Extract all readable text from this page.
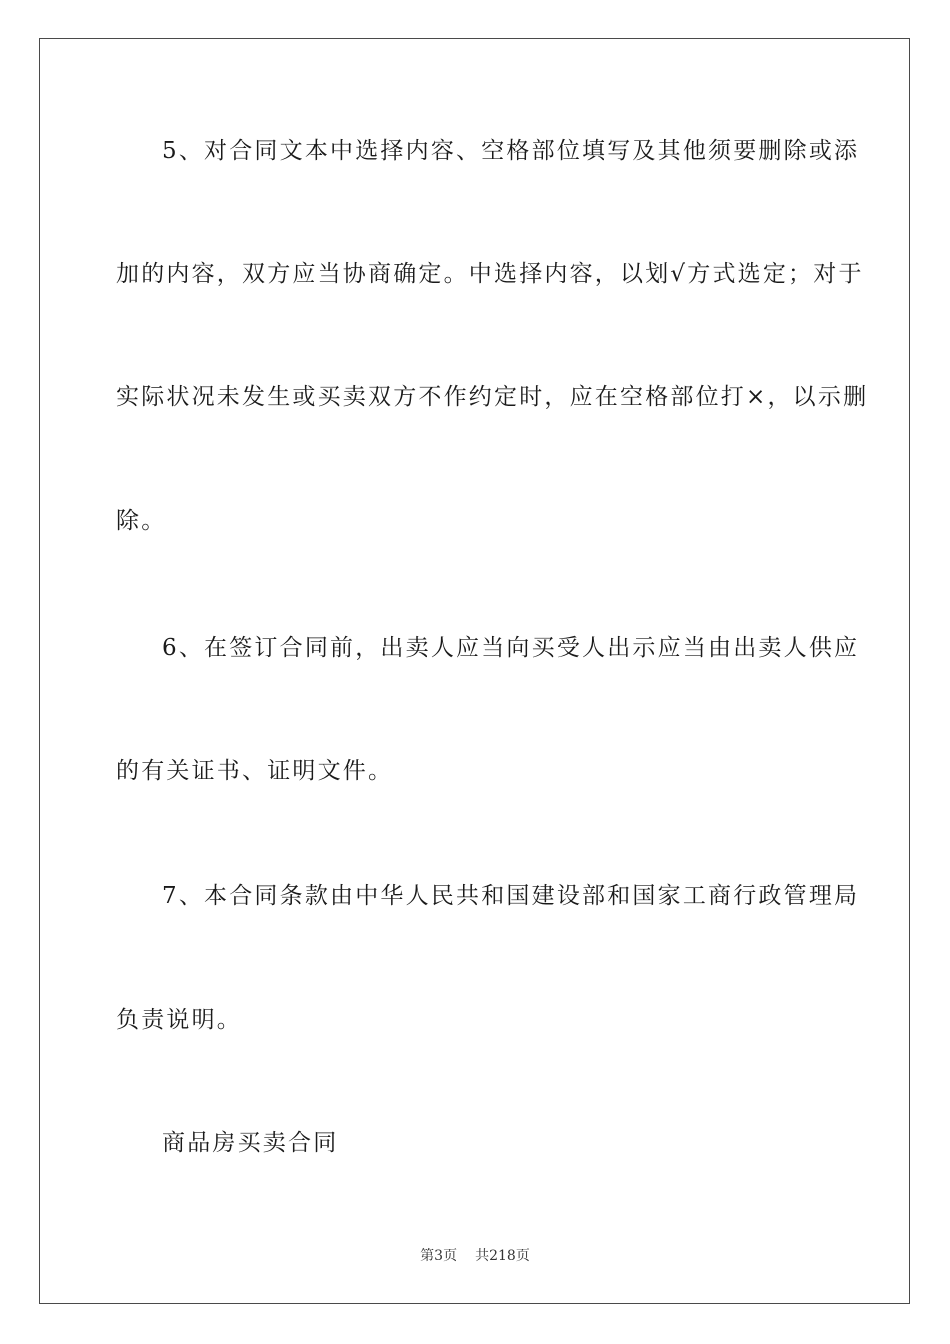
5、对合同文本中选择内容、空格部位填写及其他须要删除或添
加的内容，双方应当协商确定。中选择内容，以划√方式选定；对于
实际状况未发生或买卖双方不作约定时，应在空格部位打×，以示删
除。
6、在签订合同前，出卖人应当向买受人出示应当由出卖人供应
的有关证书、证明文件。
7、本合同条款由中华人民共和国建设部和国家工商行政管理局
负责说明。
商品房买卖合同
第3页 共218页
